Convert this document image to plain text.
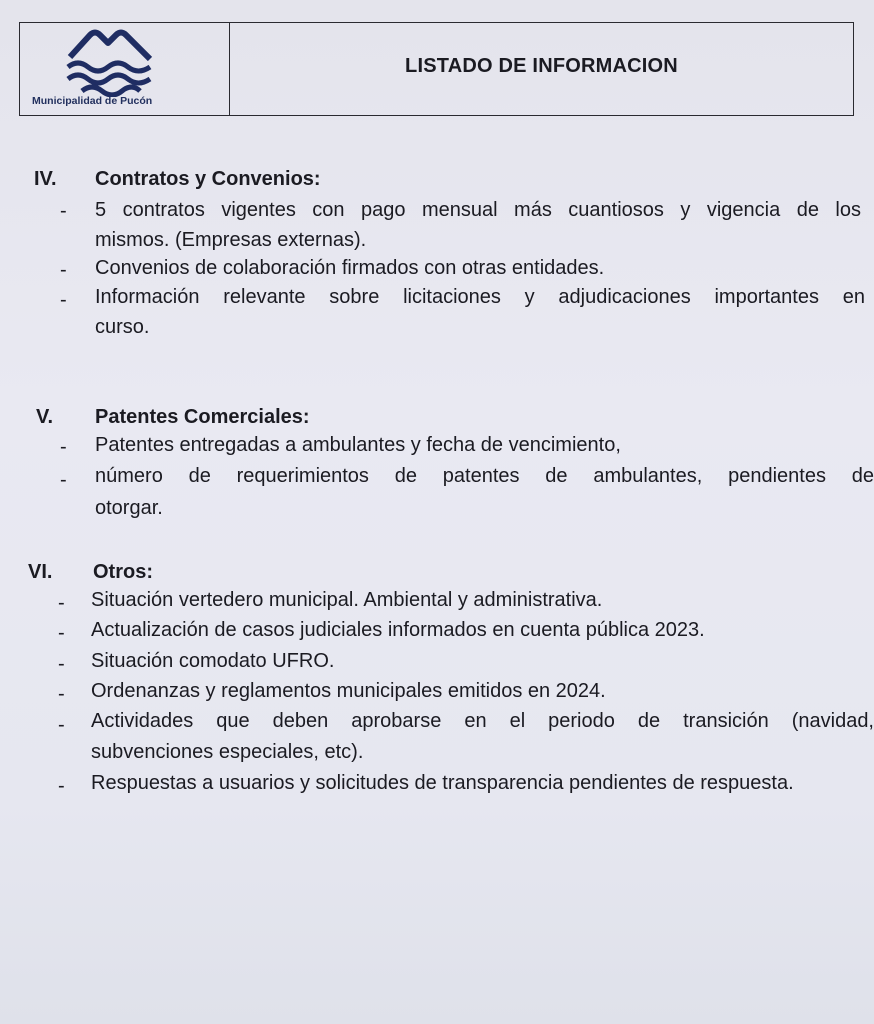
Municipalidad de Pucón
LISTADO DE INFORMACION
IV. Contratos y Convenios:
- 5 contratos vigentes con pago mensual más cuantiosos y vigencia de los
mismos. (Empresas externas).
- Convenios de colaboración firmados con otras entidades.
- Información relevante sobre licitaciones y adjudicaciones importantes en
curso.
V. Patentes Comerciales:
- Patentes entregadas a ambulantes y fecha de vencimiento,
- número de requerimientos de patentes de ambulantes, pendientes de
otorgar.
VI. Otros:
- Situación vertedero municipal. Ambiental y administrativa.
- Actualización de casos judiciales informados en cuenta pública 2023.
- Situación comodato UFRO.
- Ordenanzas y reglamentos municipales emitidos en 2024.
- Actividades que deben aprobarse en el periodo de transición (navidad,
subvenciones especiales, etc).
- Respuestas a usuarios y solicitudes de transparencia pendientes de respuesta.
